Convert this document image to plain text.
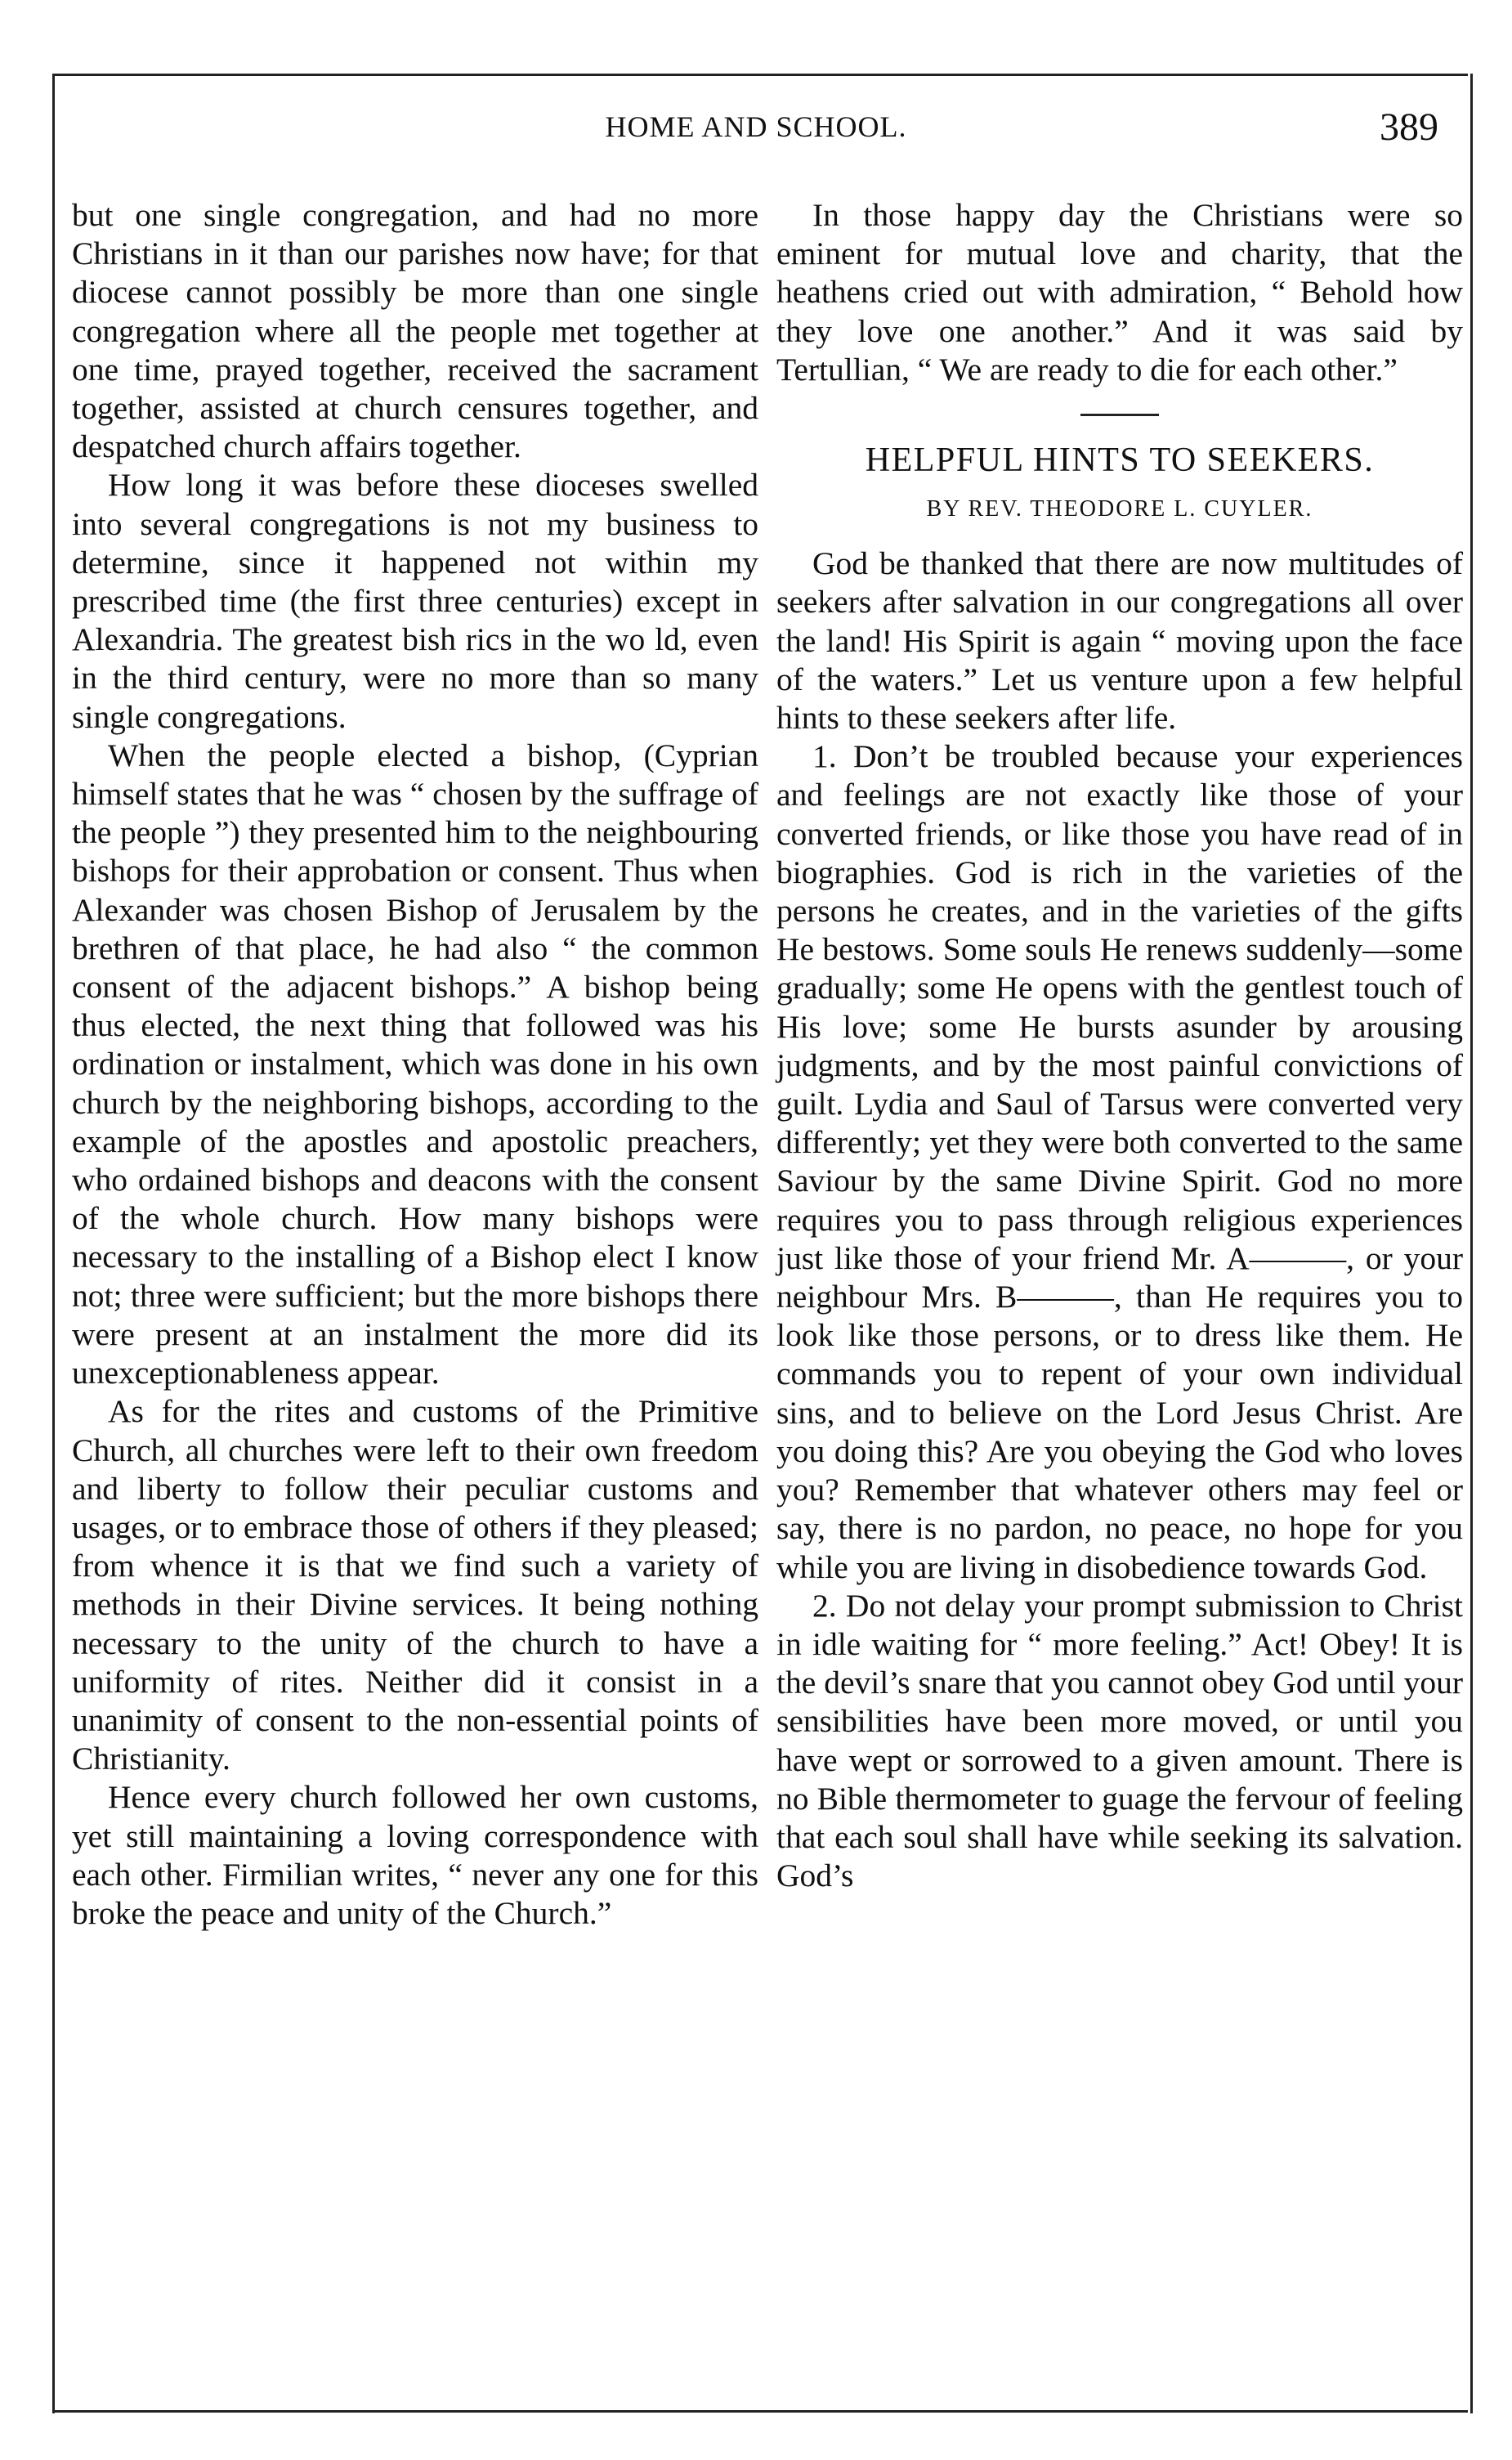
HOME AND SCHOOL.	389

but one single congregation, and had no more Christians in it than our parishes now have; for that diocese cannot possibly be more than one single congregation where all the people met together at one time, prayed together, received the sacrament together, assisted at church censures together, and despatched church affairs together.

How long it was before these dioceses swelled into several congregations is not my business to determine, since it happened not within my prescribed time (the first three centuries) except in Alexandria. The greatest bish rics in the wo ld, even in the third century, were no more than so many single congregations.

When the people elected a bishop, (Cyprian himself states that he was “ chosen by the suffrage of the people ”) they presented him to the neighbouring bishops for their approbation or consent. Thus when Alexander was chosen Bishop of Jerusalem by the brethren of that place, he had also “ the common consent of the adjacent bishops.” A bishop being thus elected, the next thing that followed was his ordination or instalment, which was done in his own church by the neighboring bishops, according to the example of the apostles and apostolic preachers, who ordained bishops and deacons with the consent of the whole church. How many bishops were necessary to the installing of a Bishop elect I know not; three were sufficient; but the more bishops there were present at an instalment the more did its unexceptionableness appear.

As for the rites and customs of the Primitive Church, all churches were left to their own freedom and liberty to follow their peculiar customs and usages, or to embrace those of others if they pleased; from whence it is that we find such a variety of methods in their Divine services. It being nothing necessary to the unity of the church to have a uniformity of rites. Neither did it consist in a unanimity of consent to the non-essential points of Christianity.

Hence every church followed her own customs, yet still maintaining a loving correspondence with each other. Firmilian writes, “ never any one for this broke the peace and unity of the Church.”

In those happy day the Christians were so eminent for mutual love and charity, that the heathens cried out with admiration, “ Behold how they love one another.” And it was said by Tertullian, “ We are ready to die for each other.”

HELPFUL HINTS TO SEEKERS.
BY REV. THEODORE L. CUYLER.

God be thanked that there are now multitudes of seekers after salvation in our congregations all over the land! His Spirit is again “ moving upon the face of the waters.” Let us venture upon a few helpful hints to these seekers after life.

1. Don’t be troubled because your experiences and feelings are not exactly like those of your converted friends, or like those you have read of in biographies. God is rich in the varieties of the persons he creates, and in the varieties of the gifts He bestows. Some souls He renews suddenly—some gradually; some He opens with the gentlest touch of His love; some He bursts asunder by arousing judgments, and by the most painful convictions of guilt. Lydia and Saul of Tarsus were converted very differently; yet they were both converted to the same Saviour by the same Divine Spirit. God no more requires you to pass through religious experiences just like those of your friend Mr. A———, or your neighbour Mrs. B———, than He requires you to look like those persons, or to dress like them. He commands you to repent of your own individual sins, and to believe on the Lord Jesus Christ. Are you doing this? Are you obeying the God who loves you? Remember that whatever others may feel or say, there is no pardon, no peace, no hope for you while you are living in disobedience towards God.

2. Do not delay your prompt submission to Christ in idle waiting for “ more feeling.” Act! Obey! It is the devil’s snare that you cannot obey God until your sensibilities have been more moved, or until you have wept or sorrowed to a given amount. There is no Bible thermometer to guage the fervour of feeling that each soul shall have while seeking its salvation. God’s
